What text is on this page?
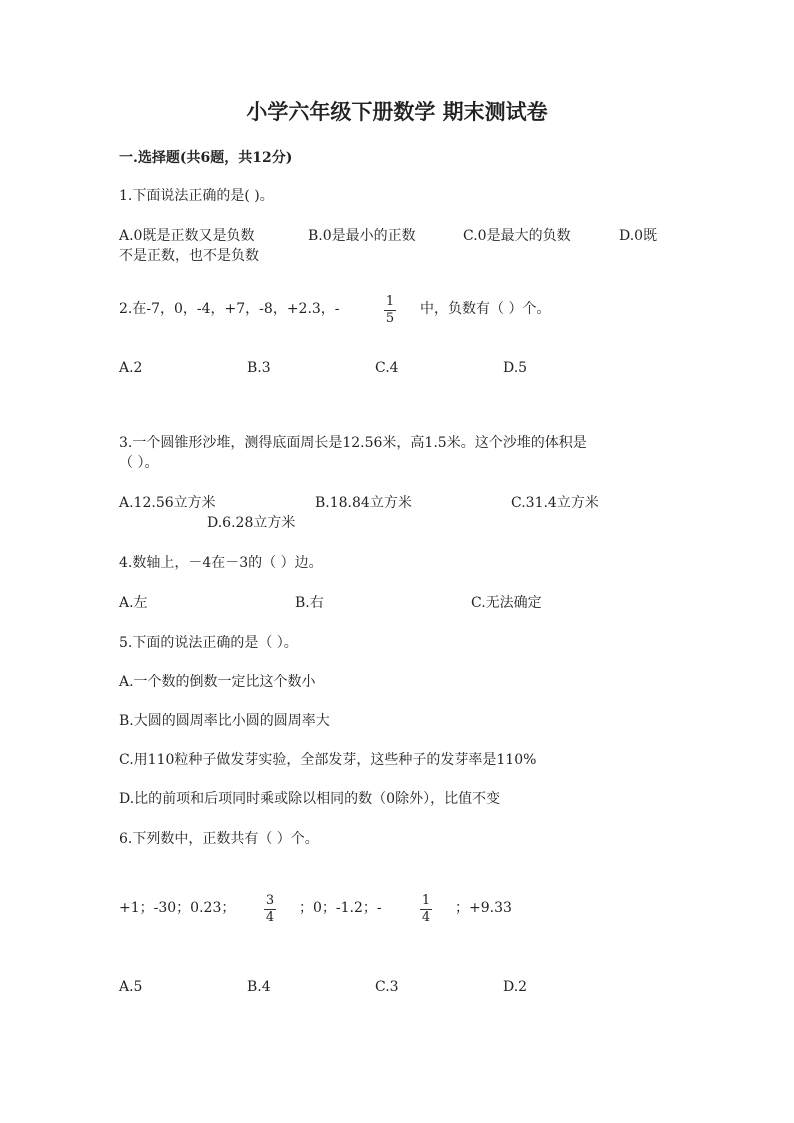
小学六年级下册数学 期末测试卷
一.选择题(共6题，共12分)
1.下面说法正确的是( )。
A.0既是正数又是负数	B.0是最小的正数	C.0是最大的负数	D.0既
不是正数，也不是负数
2.在-7，0，-4，+7，-8，+2.3，-	1
5
中，负数有（ ）个。
A.2	B.3	C.4	D.5
3.一个圆锥形沙堆，测得底面周长是12.56米，高1.5米。这个沙堆的体积是
（ ）。
A.12.56立方米	B.18.84立方米	C.31.4立方米
D.6.28立方米
4.数轴上，－4在－3的（ ）边。
A.左	B.右	C.无法确定
5.下面的说法正确的是（ ）。
A.一个数的倒数一定比这个数小
B.大圆的圆周率比小圆的圆周率大
C.用110粒种子做发芽实验，全部发芽，这些种子的发芽率是110%
D.比的前项和后项同时乘或除以相同的数（0除外），比值不变
6.下列数中，正数共有（ ）个。
+1；-30；0.23； 3
4
；0；-1.2；-	1
4
；+9.33
A.5	B.4	C.3	D.2
